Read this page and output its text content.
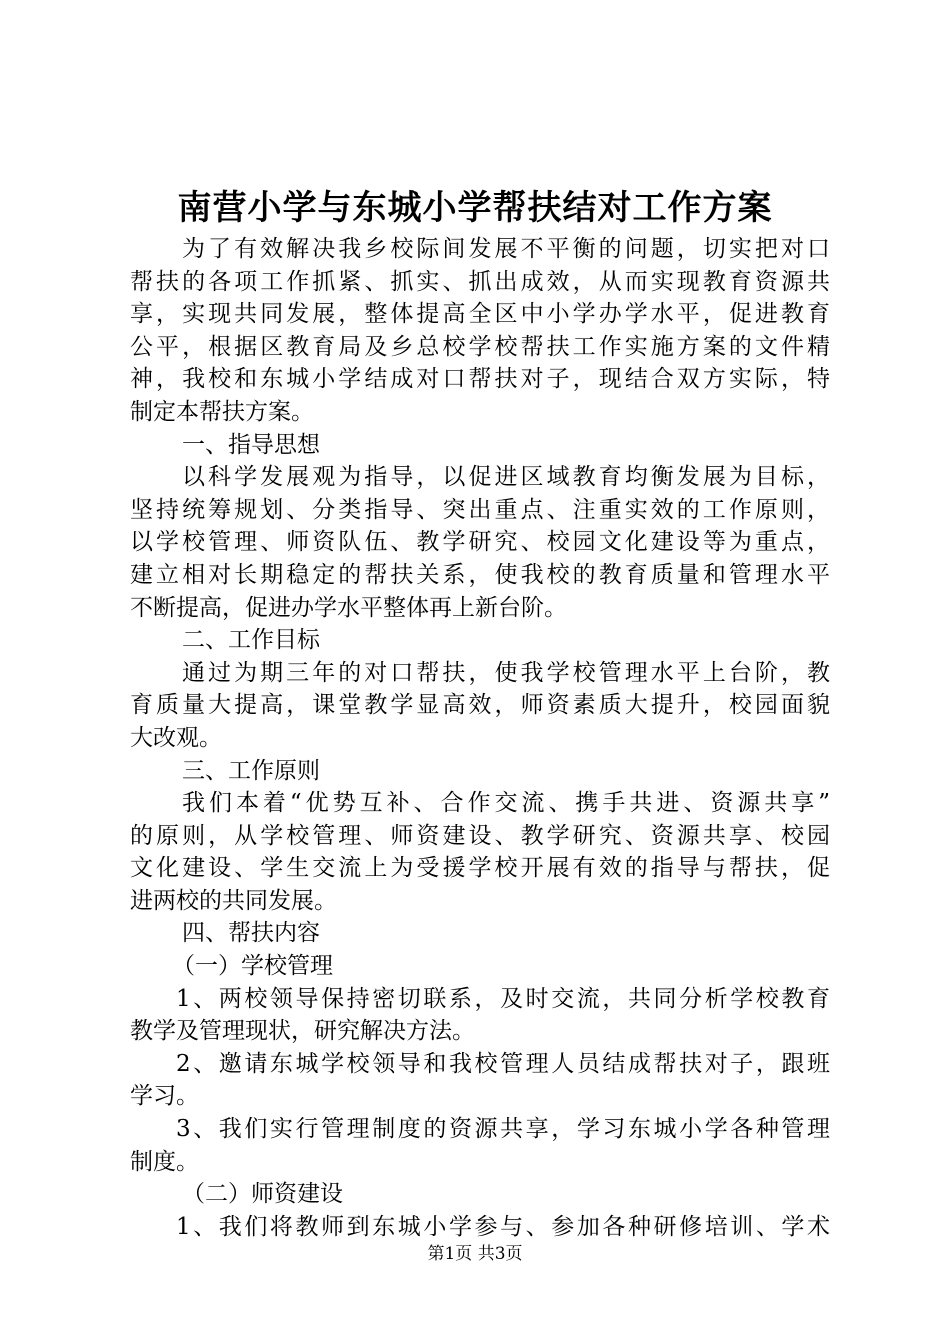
南营小学与东城小学帮扶结对工作方案
为了有效解决我乡校际间发展不平衡的问题，切实把对口
帮扶的各项工作抓紧、抓实、抓出成效，从而实现教育资源共
享，实现共同发展，整体提高全区中小学办学水平，促进教育
公平，根据区教育局及乡总校学校帮扶工作实施方案的文件精
神，我校和东城小学结成对口帮扶对子，现结合双方实际，特
制定本帮扶方案。
一、指导思想
以科学发展观为指导，以促进区域教育均衡发展为目标，
坚持统筹规划、分类指导、突出重点、注重实效的工作原则，
以学校管理、师资队伍、教学研究、校园文化建设等为重点，
建立相对长期稳定的帮扶关系，使我校的教育质量和管理水平
不断提高，促进办学水平整体再上新台阶。
二、工作目标
通过为期三年的对口帮扶，使我学校管理水平上台阶，教
育质量大提高，课堂教学显高效，师资素质大提升，校园面貌
大改观。
三、工作原则
我们本着“优势互补、合作交流、携手共进、资源共享”
的原则，从学校管理、师资建设、教学研究、资源共享、校园
文化建设、学生交流上为受援学校开展有效的指导与帮扶，促
进两校的共同发展。
四、帮扶内容
（一）学校管理
1、两校领导保持密切联系，及时交流，共同分析学校教育
教学及管理现状，研究解决方法。
2、邀请东城学校领导和我校管理人员结成帮扶对子，跟班
学习。
3、我们实行管理制度的资源共享，学习东城小学各种管理
制度。
（二）师资建设
1、我们将教师到东城小学参与、参加各种研修培训、学术
第1页 共3页
